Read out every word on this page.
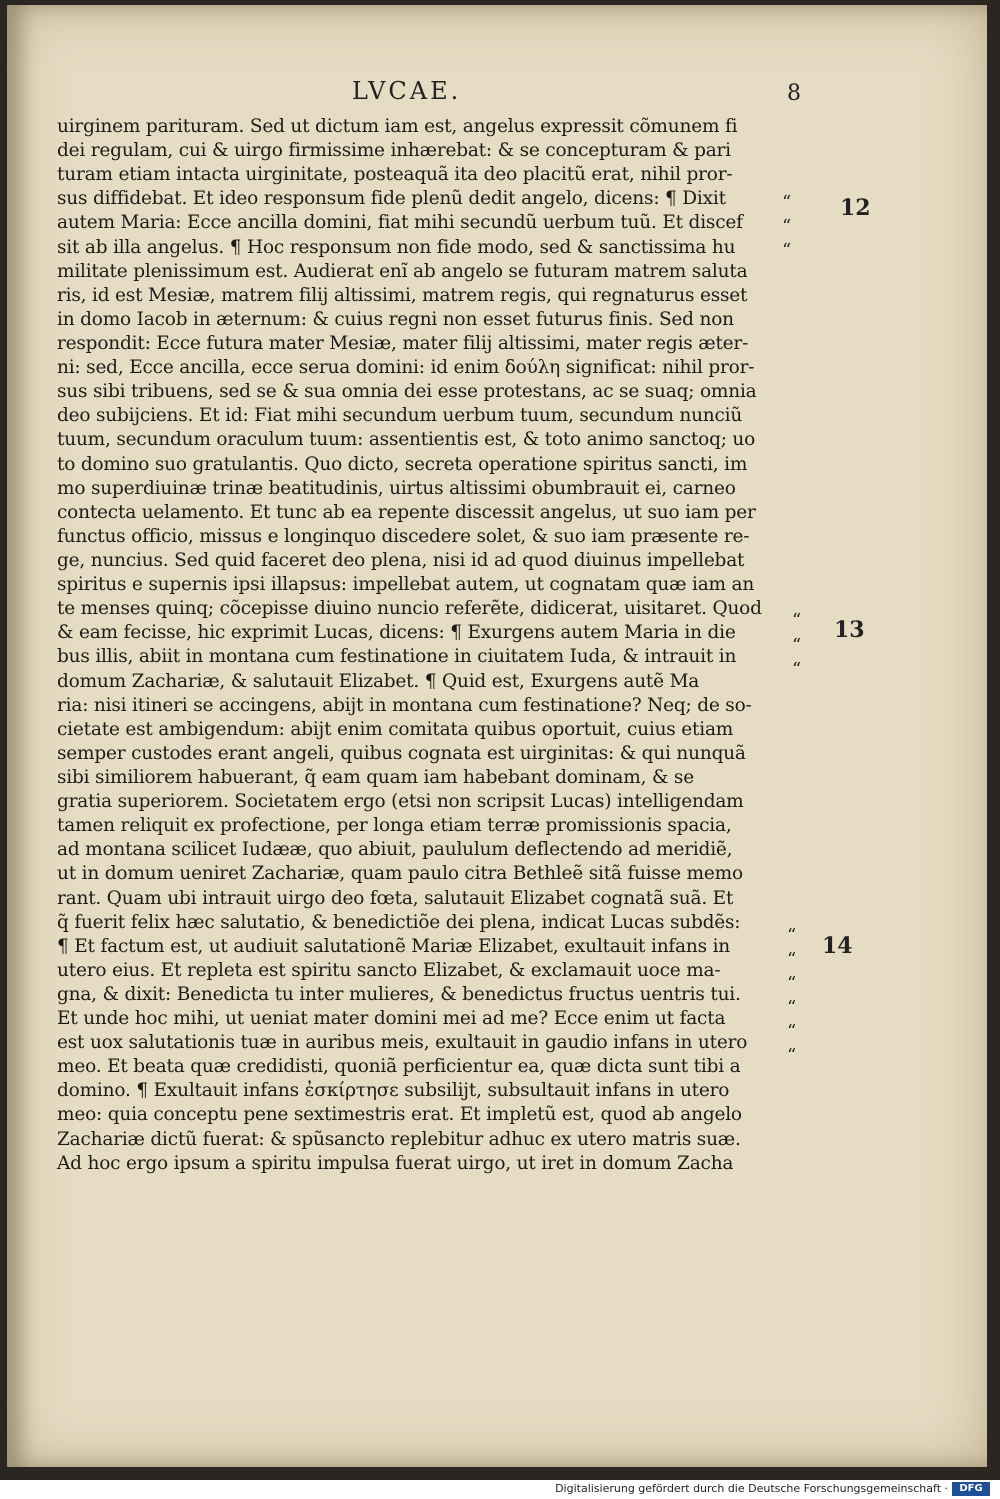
LVCAE.	8
uirginem parituram. Sed ut dictum iam est, angelus expressit cõmunem fi
dei regulam, cui & uirgo firmissime inhærebat: & se concepturam & pari
turam etiam intacta uirginitate, posteaquã ita deo placitũ erat, nihil pror-
sus diffidebat. Et ideo responsum fide plenũ dedit angelo, dicens: ¶ Dixit
autem Maria: Ecce ancilla domini, fiat mihi secundũ uerbum tuũ. Et discef
sit ab illa angelus. ¶ Hoc responsum non fide modo, sed & sanctissima hu
militate plenissimum est. Audierat enĩ ab angelo se futuram matrem saluta
ris, id est Mesiæ, matrem filij altissimi, matrem regis, qui regnaturus esset
in domo Iacob in æternum: & cuius regni non esset futurus finis. Sed non
respondit: Ecce futura mater Mesiæ, mater filij altissimi, mater regis æter-
ni: sed, Ecce ancilla, ecce serua domini: id enim δούλη significat: nihil pror-
sus sibi tribuens, sed se & sua omnia dei esse protestans, ac se suaq; omnia
deo subijciens. Et id: Fiat mihi secundum uerbum tuum, secundum nunciũ
tuum, secundum oraculum tuum: assentientis est, & toto animo sanctoq; uo
to domino suo gratulantis. Quo dicto, secreta operatione spiritus sancti, im
mo superdiuinæ trinæ beatitudinis, uirtus altissimi obumbrauit ei, carneo
contecta uelamento. Et tunc ab ea repente discessit angelus, ut suo iam per
functus officio, missus e longinquo discedere solet, & suo iam præsente re-
ge, nuncius. Sed quid faceret deo plena, nisi id ad quod diuinus impellebat
spiritus e supernis ipsi illapsus: impellebat autem, ut cognatam quæ iam an
te menses quinq; cõcepisse diuino nuncio referẽte, didicerat, uisitaret. Quod
& eam fecisse, hic exprimit Lucas, dicens: ¶ Exurgens autem Maria in die
bus illis, abiit in montana cum festinatione in ciuitatem Iuda, & intrauit in
domum Zachariæ, & salutauit Elizabet. ¶ Quid est, Exurgens autẽ Ma
ria: nisi itineri se accingens, abijt in montana cum festinatione? Neq; de so-
cietate est ambigendum: abijt enim comitata quibus oportuit, cuius etiam
semper custodes erant angeli, quibus cognata est uirginitas: & qui nunquã
sibi similiorem habuerant, q̃ eam quam iam habebant dominam, & se
gratia superiorem. Societatem ergo (etsi non scripsit Lucas) intelligendam
tamen reliquit ex profectione, per longa etiam terræ promissionis spacia,
ad montana scilicet Iudææ, quo abiuit, paululum deflectendo ad meridiẽ,
ut in domum ueniret Zachariæ, quam paulo citra Bethleẽ sitã fuisse memo
rant. Quam ubi intrauit uirgo deo fœta, salutauit Elizabet cognatã suã. Et
q̃ fuerit felix hæc salutatio, & benedictiõe dei plena, indicat Lucas subdẽs:
¶ Et factum est, ut audiuit salutationẽ Mariæ Elizabet, exultauit infans in
utero eius. Et repleta est spiritu sancto Elizabet, & exclamauit uoce ma-
gna, & dixit: Benedicta tu inter mulieres, & benedictus fructus uentris tui.
Et unde hoc mihi, ut ueniat mater domini mei ad me? Ecce enim ut facta
est uox salutationis tuæ in auribus meis, exultauit in gaudio infans in utero
meo. Et beata quæ credidisti, quoniã perficientur ea, quæ dicta sunt tibi a
domino. ¶ Exultauit infans ἐσκίρτησε subsilijt, subsultauit infans in utero
meo: quia conceptu pene sextimestris erat. Et impletũ est, quod ab angelo
Zachariæ dictũ fuerat: & spũsancto replebitur adhuc ex utero matris suæ.
Ad hoc ergo ipsum a spiritu impulsa fuerat uirgo, ut iret in domum Zacha
“
“
“
“
“
“
“
“
“
“
“
“
12
13
14
Digitalisierung gefördert durch die Deutsche Forschungsgemeinschaft ·	DFG
